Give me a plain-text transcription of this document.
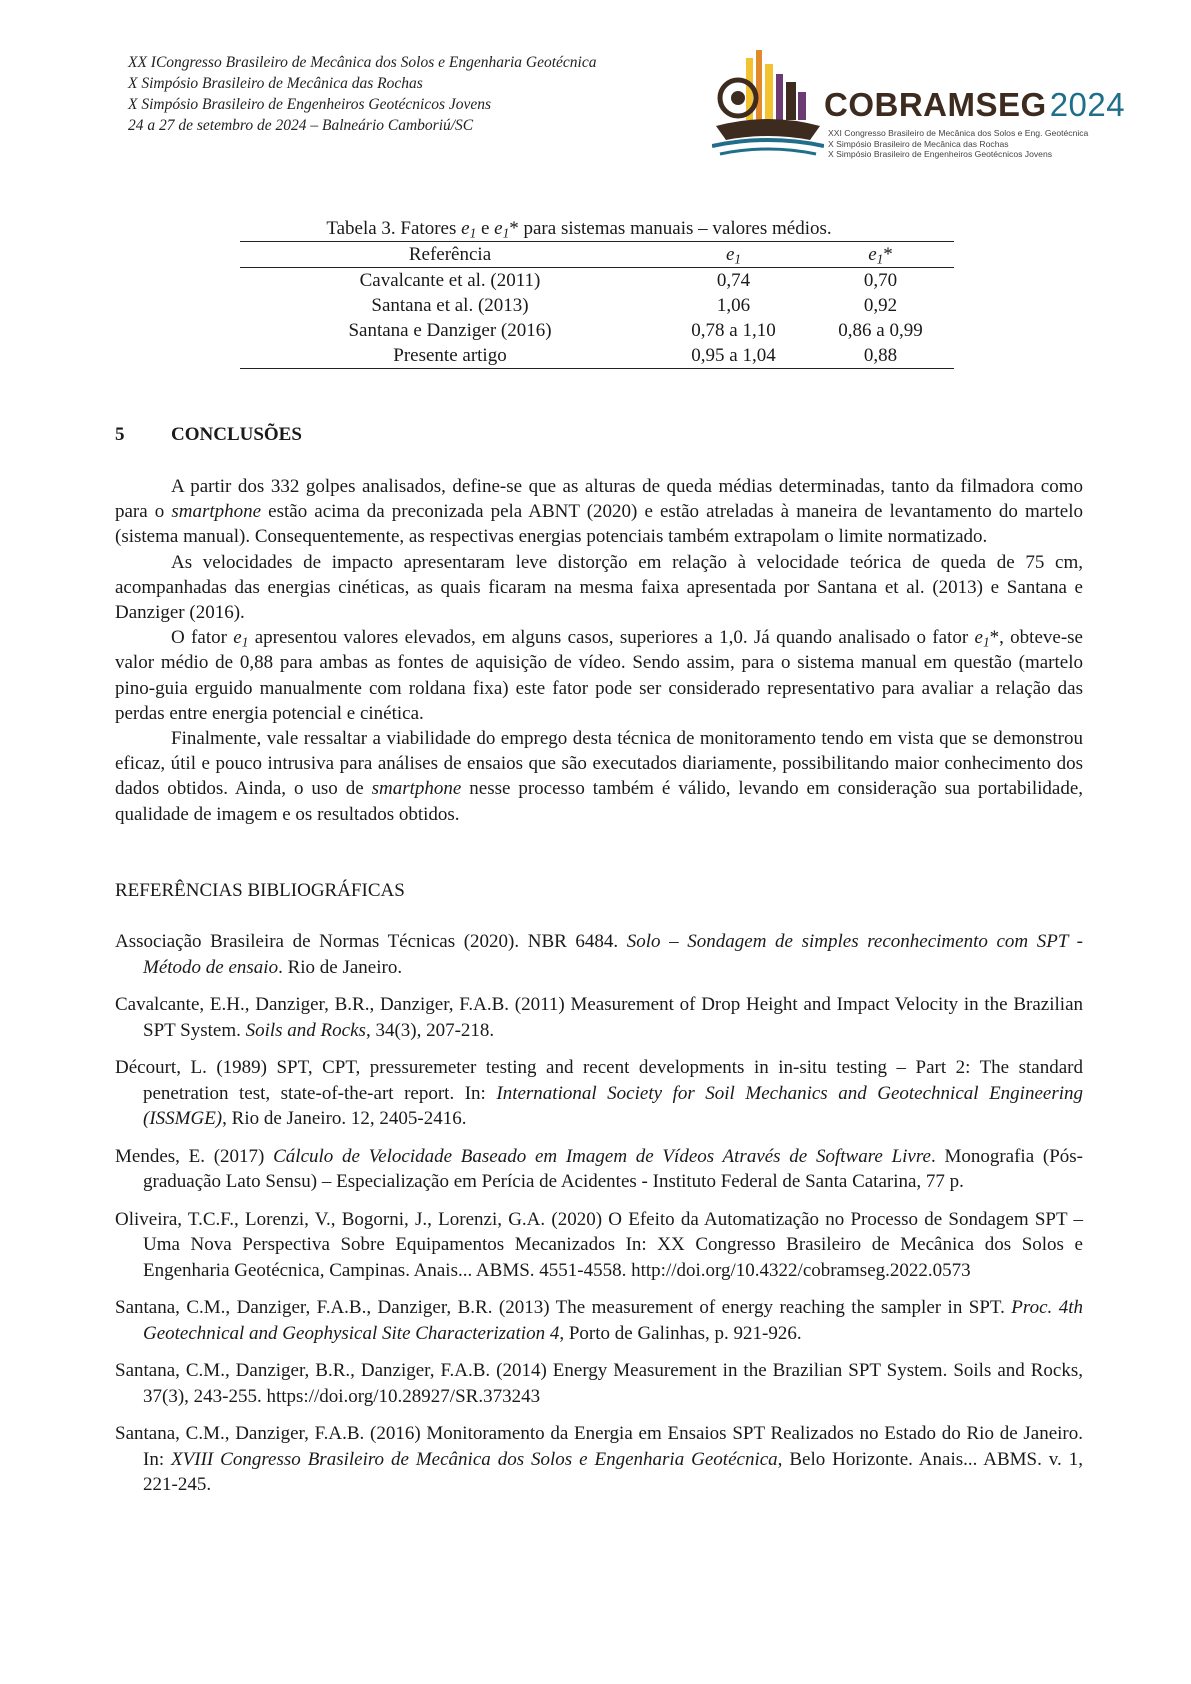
XX ICongresso Brasileiro de Mecânica dos Solos e Engenharia Geotécnica
X Simpósio Brasileiro de Mecânica das Rochas
X Simpósio Brasileiro de Engenheiros Geotécnicos Jovens
24 a 27 de setembro de 2024 – Balneário Camboriú/SC
COBRAMSEG2024
XXI Congresso Brasileiro de Mecânica dos Solos e Eng. Geotécnica
X Simpósio Brasileiro de Mecânica das Rochas
X Simpósio Brasileiro de Engenheiros Geotécnicos Jovens
Tabela 3. Fatores $e_1$ e $e_1*$ para sistemas manuais – valores médios.
Referência	$e_1$	$e_1*$
Cavalcante et al. (2011)	0,74	0,70
Santana et al. (2013)	1,06	0,92
Santana e Danziger (2016)	0,78 a 1,10	0,86 a 0,99
Presente artigo	0,95 a 1,04	0,88
5 CONCLUSÕES

A partir dos 332 golpes analisados, define-se que as alturas de queda médias determinadas, tanto da filmadora como para o smartphone estão acima da preconizada pela ABNT (2020) e estão atreladas à maneira de levantamento do martelo (sistema manual). Consequentemente, as respectivas energias potenciais também extrapolam o limite normatizado.

As velocidades de impacto apresentaram leve distorção em relação à velocidade teórica de queda de 75 cm, acompanhadas das energias cinéticas, as quais ficaram na mesma faixa apresentada por Santana et al. (2013) e Santana e Danziger (2016).

O fator $e_1$ apresentou valores elevados, em alguns casos, superiores a 1,0. Já quando analisado o fator $e_1*$, obteve-se valor médio de 0,88 para ambas as fontes de aquisição de vídeo. Sendo assim, para o sistema manual em questão (martelo pino-guia erguido manualmente com roldana fixa) este fator pode ser considerado representativo para avaliar a relação das perdas entre energia potencial e cinética.

Finalmente, vale ressaltar a viabilidade do emprego desta técnica de monitoramento tendo em vista que se demonstrou eficaz, útil e pouco intrusiva para análises de ensaios que são executados diariamente, possibilitando maior conhecimento dos dados obtidos. Ainda, o uso de smartphone nesse processo também é válido, levando em consideração sua portabilidade, qualidade de imagem e os resultados obtidos.

REFERÊNCIAS BIBLIOGRÁFICAS

Associação Brasileira de Normas Técnicas (2020). NBR 6484. Solo – Sondagem de simples reconhecimento com SPT - Método de ensaio. Rio de Janeiro.

Cavalcante, E.H., Danziger, B.R., Danziger, F.A.B. (2011) Measurement of Drop Height and Impact Velocity in the Brazilian SPT System. Soils and Rocks, 34(3), 207-218.

Décourt, L. (1989) SPT, CPT, pressuremeter testing and recent developments in in-situ testing – Part 2: The standard penetration test, state-of-the-art report. In: International Society for Soil Mechanics and Geotechnical Engineering (ISSMGE), Rio de Janeiro. 12, 2405-2416.

Mendes, E. (2017) Cálculo de Velocidade Baseado em Imagem de Vídeos Através de Software Livre. Monografia (Pós-graduação Lato Sensu) – Especialização em Perícia de Acidentes - Instituto Federal de Santa Catarina, 77 p.

Oliveira, T.C.F., Lorenzi, V., Bogorni, J., Lorenzi, G.A. (2020) O Efeito da Automatização no Processo de Sondagem SPT – Uma Nova Perspectiva Sobre Equipamentos Mecanizados In: XX Congresso Brasileiro de Mecânica dos Solos e Engenharia Geotécnica, Campinas. Anais... ABMS. 4551-4558. http://doi.org/10.4322/cobramseg.2022.0573

Santana, C.M., Danziger, F.A.B., Danziger, B.R. (2013) The measurement of energy reaching the sampler in SPT. Proc. 4th Geotechnical and Geophysical Site Characterization 4, Porto de Galinhas, p. 921-926.

Santana, C.M., Danziger, B.R., Danziger, F.A.B. (2014) Energy Measurement in the Brazilian SPT System. Soils and Rocks, 37(3), 243-255. https://doi.org/10.28927/SR.373243

Santana, C.M., Danziger, F.A.B. (2016) Monitoramento da Energia em Ensaios SPT Realizados no Estado do Rio de Janeiro. In: XVIII Congresso Brasileiro de Mecânica dos Solos e Engenharia Geotécnica, Belo Horizonte. Anais... ABMS. v. 1, 221-245.
